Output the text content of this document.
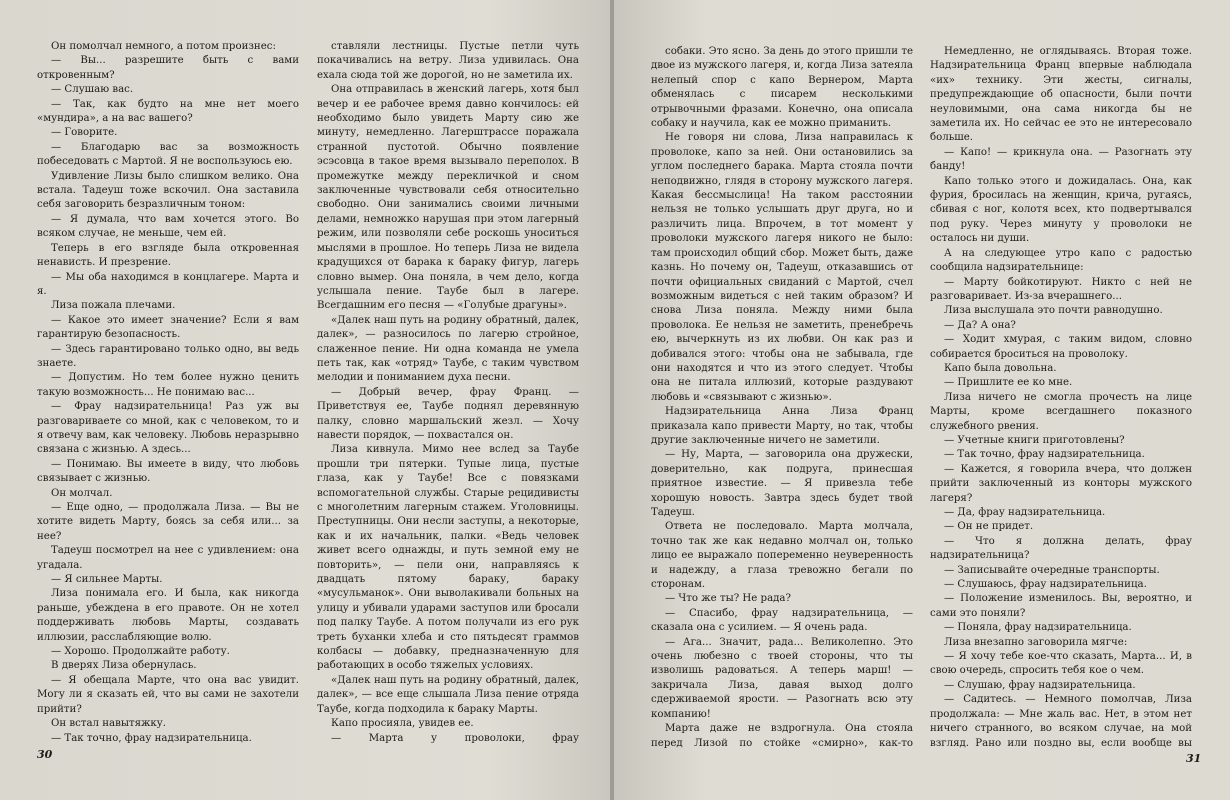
Он помолчал немного, а потом произнес:

— Вы... разрешите быть с вами откровенным?

— Слушаю вас.

— Так, как будто на мне нет моего «мундира», а на вас вашего?

— Говорите.

— Благодарю вас за возможность побеседовать с Мартой. Я не воспользуюсь ею.

Удивление Лизы было слишком велико. Она встала. Тадеуш тоже вскочил. Она заставила себя заговорить безразличным тоном:

— Я думала, что вам хочется этого. Во всяком случае, не меньше, чем ей.

Теперь в его взгляде была откровенная ненависть. И презрение.

— Мы оба находимся в концлагере. Марта и я.

Лиза пожала плечами.

— Какое это имеет значение? Если я вам гарантирую безопасность.

— Здесь гарантировано только одно, вы ведь знаете.

— Допустим. Но тем более нужно ценить такую возможность... Не понимаю вас...

— Фрау надзирательница! Раз уж вы разговариваете со мной, как с человеком, то и я отвечу вам, как человеку. Любовь неразрывно связана с жизнью. А здесь...

— Понимаю. Вы имеете в виду, что любовь связывает с жизнью.

Он молчал.

— Еще одно, — продолжала Лиза. — Вы не хотите видеть Марту, боясь за себя или... за нее?

Тадеуш посмотрел на нее с удивлением: она угадала.

— Я сильнее Марты.

Лиза понимала его. И была, как никогда раньше, убеждена в его правоте. Он не хотел поддерживать любовь Марты, создавать иллюзии, расслабляющие волю.

— Хорошо. Продолжайте работу.

В дверях Лиза обернулась.

— Я обещала Марте, что она вас увидит. Могу ли я сказать ей, что вы сами не захотели прийти?

Он встал навытяжку.

— Так точно, фрау надзирательница.

ставляли лестницы. Пустые петли чуть покачивались на ветру. Лиза удивилась. Она ехала сюда той же дорогой, но не заметила их.

Она отправилась в женский лагерь, хотя был вечер и ее рабочее время давно кончилось: ей необходимо было увидеть Марту сию же минуту, немедленно. Лагерштрассе поражала странной пустотой. Обычно появление эсэсовца в такое время вызывало переполох. В промежутке между перекличкой и сном заключенные чувствовали себя относительно свободно. Они занимались своими личными делами, немножко нарушая при этом лагерный режим, или позволяли себе роскошь уноситься мыслями в прошлое. Но теперь Лиза не видела крадущихся от барака к бараку фигур, лагерь словно вымер. Она поняла, в чем дело, когда услышала пение. Таубе был в лагере. Всегдашним его песня — «Голубые драгуны».

«Далек наш путь на родину обратный, далек, далек», — разносилось по лагерю стройное, слаженное пение. Ни одна команда не умела петь так, как «отряд» Таубе, с таким чувством мелодии и пониманием духа песни.

— Добрый вечер, фрау Франц. — Приветствуя ее, Таубе поднял деревянную палку, словно маршальский жезл. — Хочу навести порядок, — похвастался он.

Лиза кивнула. Мимо нее вслед за Таубе прошли три пятерки. Тупые лица, пустые глаза, как у Таубе! Все с повязками вспомогательной службы. Старые рецидивисты с многолетним лагерным стажем. Уголовницы. Преступницы. Они несли заступы, а некоторые, как и их начальник, палки. «Ведь человек живет всего однажды, и путь земной ему не повторить», — пели они, направляясь к двадцать пятому бараку, бараку «мусульманок». Они выволакивали больных на улицу и убивали ударами заступов или бросали под палку Таубе. А потом получали из его рук треть буханки хлеба и сто пятьдесят граммов колбасы — добавку, предназначенную для работающих в особо тяжелых условиях.

«Далек наш путь на родину обратный, далек, далек», — все еще слышала Лиза пение отряда Таубе, когда подходила к бараку Марты.

Капо просияла, увидев ее.

— Марта у проволоки, фрау

30

собаки. Это ясно. За день до этого пришли те двое из мужского лагеря, и, когда Лиза затеяла нелепый спор с капо Вернером, Марта обменялась с писарем несколькими отрывочными фразами. Конечно, она описала собаку и научила, как ее можно приманить.

Не говоря ни слова, Лиза направилась к проволоке, капо за ней. Они остановились за углом последнего барака. Марта стояла почти неподвижно, глядя в сторону мужского лагеря. Какая бессмыслица! На таком расстоянии нельзя не только услышать друг друга, но и различить лица. Впрочем, в тот момент у проволоки мужского лагеря никого не было: там происходил общий сбор. Может быть, даже казнь. Но почему он, Тадеуш, отказавшись от почти официальных свиданий с Мартой, счел возможным видеться с ней таким образом? И снова Лиза поняла. Между ними была проволока. Ее нельзя не заметить, пренебречь ею, вычеркнуть из их любви. Он как раз и добивался этого: чтобы она не забывала, где они находятся и что из этого следует. Чтобы она не питала иллюзий, которые раздувают любовь и «связывают с жизнью».

Надзирательница Анна Лиза Франц приказала капо привести Марту, но так, чтобы другие заключенные ничего не заметили.

— Ну, Марта, — заговорила она дружески, доверительно, как подруга, принесшая приятное известие. — Я привезла тебе хорошую новость. Завтра здесь будет твой Тадеуш.

Ответа не последовало. Марта молчала, точно так же как недавно молчал он, только лицо ее выражало попеременно неуверенность и надежду, а глаза тревожно бегали по сторонам.

— Что же ты? Не рада?

— Спасибо, фрау надзирательница, — сказала она с усилием. — Я очень рада.

— Ага... Значит, рада... Великолепно. Это очень любезно с твоей стороны, что ты изволишь радоваться. А теперь марш! — закричала Лиза, давая выход долго сдерживаемой ярости. — Разогнать всю эту компанию!

Марта даже не вздрогнула. Она стояла перед Лизой по стойке «смирно», как-то

Немедленно, не оглядываясь. Вторая тоже. Надзирательница Франц впервые наблюдала «их» технику. Эти жесты, сигналы, предупреждающие об опасности, были почти неуловимыми, она сама никогда бы не заметила их. Но сейчас ее это не интересовало больше.

— Капо! — крикнула она. — Разогнать эту банду!

Капо только этого и дожидалась. Она, как фурия, бросилась на женщин, крича, ругаясь, сбивая с ног, колотя всех, кто подвертывался под руку. Через минуту у проволоки не осталось ни души.

А на следующее утро капо с радостью сообщила надзирательнице:

— Марту бойкотируют. Никто с ней не разговаривает. Из-за вчерашнего...

Лиза выслушала это почти равнодушно.

— Да? А она?

— Ходит хмурая, с таким видом, словно собирается броситься на проволоку.

Капо была довольна.

— Пришлите ее ко мне.

Лиза ничего не смогла прочесть на лице Марты, кроме всегдашнего показного служебного рвения.

— Учетные книги приготовлены?

— Так точно, фрау надзирательница.

— Кажется, я говорила вчера, что должен прийти заключенный из конторы мужского лагеря?

— Да, фрау надзирательница.

— Он не придет.

— Что я должна делать, фрау надзирательница?

— Записывайте очередные транспорты.

— Слушаюсь, фрау надзирательница.

— Положение изменилось. Вы, вероятно, и сами это поняли?

— Поняла, фрау надзирательница.

Лиза внезапно заговорила мягче:

— Я хочу тебе кое-что сказать, Марта... И, в свою очередь, спросить тебя кое о чем.

— Слушаю, фрау надзирательница.

— Садитесь. — Немного помолчав, Лиза продолжала: — Мне жаль вас. Нет, в этом нет ничего странного, во всяком случае, на мой взгляд. Рано или поздно вы, если вообще вы

31
